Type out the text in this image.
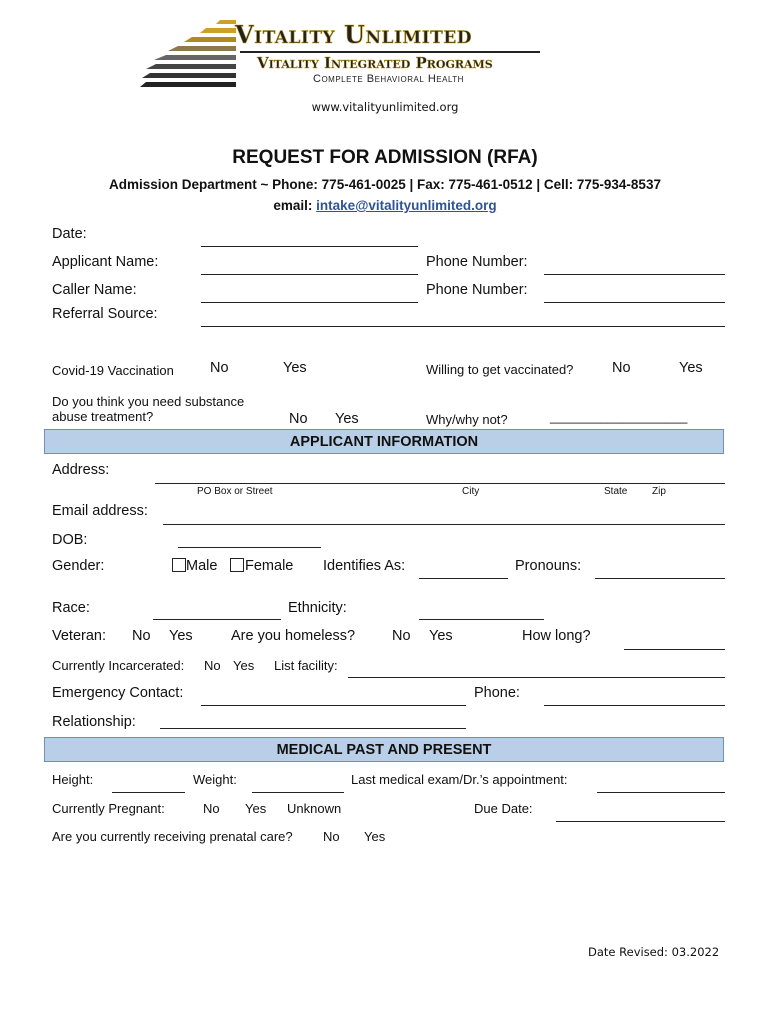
Vitality Unlimited
Vitality Integrated Programs
Complete Behavioral Health
www.vitalityunlimited.org
REQUEST FOR ADMISSION (RFA)
Admission Department ~ Phone: 775-461-0025 | Fax: 775-461-0512 | Cell: 775-934-8537
email: intake@vitalityunlimited.org
Date:
Applicant Name:	Phone Number:
Caller Name:	Phone Number:
Referral Source:
Covid-19 Vaccination No	Yes	Willing to get vaccinated?	No	Yes
Do you think you need substance
abuse treatment?	No Yes	Why/why not?	___________________
APPLICANT INFORMATION
Address:
PO Box or Street	City	State Zip
Email address:
DOB:
Gender:	Male Female Identifies As:	Pronouns:
Race:	Ethnicity:
Veteran: No Yes	Are you homeless?	No Yes	How long?
Currently Incarcerated: No Yes List facility:
Emergency Contact:	Phone:
Relationship:
MEDICAL PAST AND PRESENT
Height:	Weight:	Last medical exam/Dr.’s appointment:
Currently Pregnant:	No Yes Unknown	Due Date:
Are you currently receiving prenatal care? No Yes
Date Revised: 03.2022
